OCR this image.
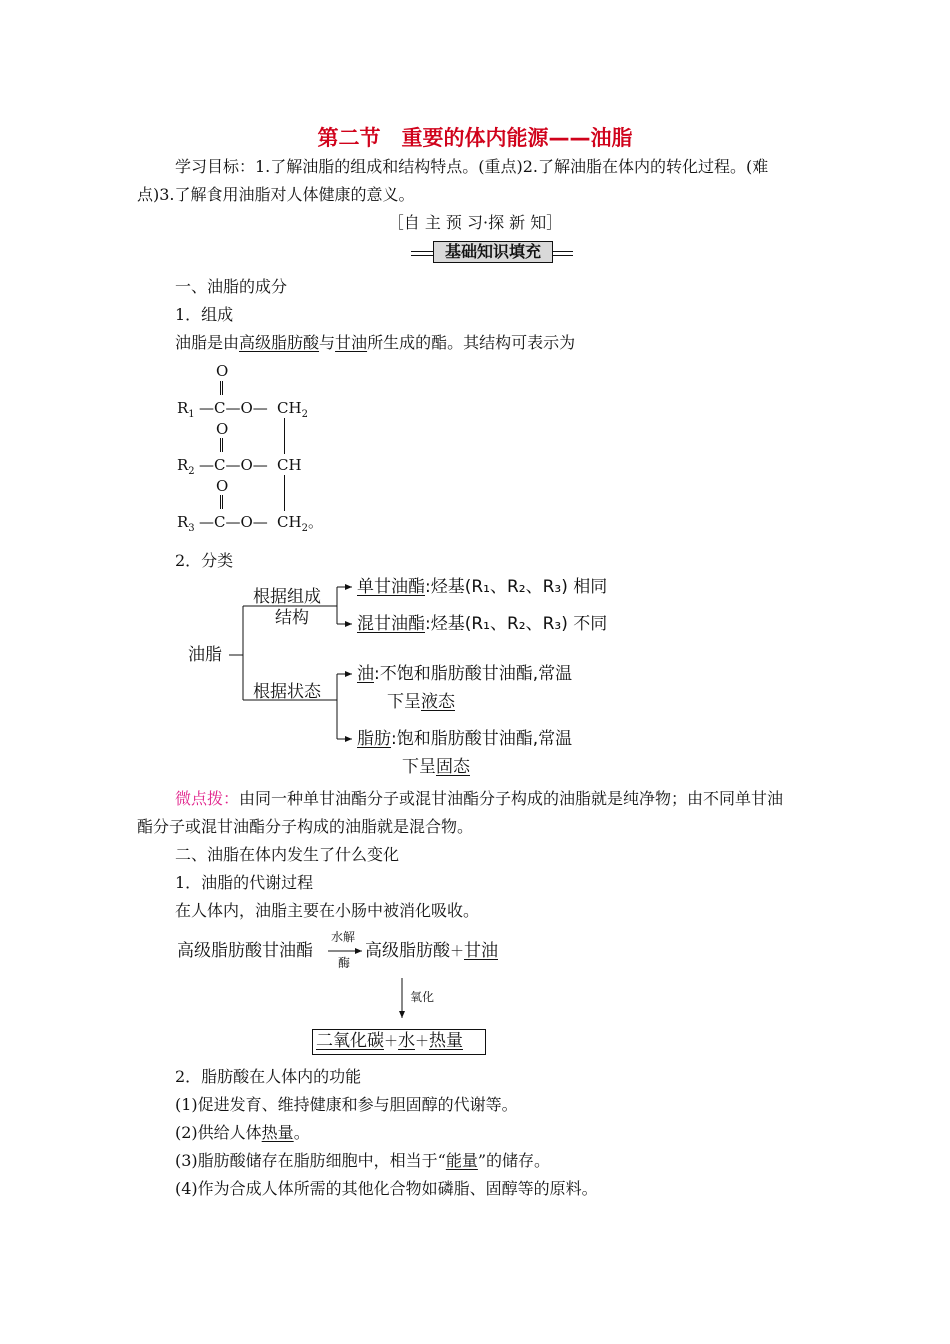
第二节　重要的体内能源——油脂
学习目标：1.了解油脂的组成和结构特点。(重点)2.了解油脂在体内的转化过程。(难
点)3.了解食用油脂对人体健康的意义。
［自 主 预 习·探 新 知］
基础知识填充
一、油脂的成分
1．组成
油脂是由高级脂肪酸与甘油所生成的酯。其结构可表示为
O
$R_1$ —C—O— $CH_2$
O
$R_2$ —C—O— CH
O
$R_3$ —C—O— $CH_2$。
2．分类
油脂
根据组成
结构
根据状态
单甘油酯:烃基(R₁、R₂、R₃) 相同
混甘油酯:烃基(R₁、R₂、R₃) 不同
油:不饱和脂肪酸甘油酯,常温
下呈液态
脂肪:饱和脂肪酸甘油酯,常温
下呈固态
微点拨：由同一种单甘油酯分子或混甘油酯分子构成的油脂就是纯净物；由不同单甘油
酯分子或混甘油酯分子构成的油脂就是混合物。
二、油脂在体内发生了什么变化
1．油脂的代谢过程
在人体内，油脂主要在小肠中被消化吸收。
高级脂肪酸甘油酯
水解
酶
高级脂肪酸＋甘油
氧化
二氧化碳＋水＋热量
2．脂肪酸在人体内的功能
(1)促进发育、维持健康和参与胆固醇的代谢等。
(2)供给人体热量。
(3)脂肪酸储存在脂肪细胞中，相当于“能量”的储存。
(4)作为合成人体所需的其他化合物如磷脂、固醇等的原料。
